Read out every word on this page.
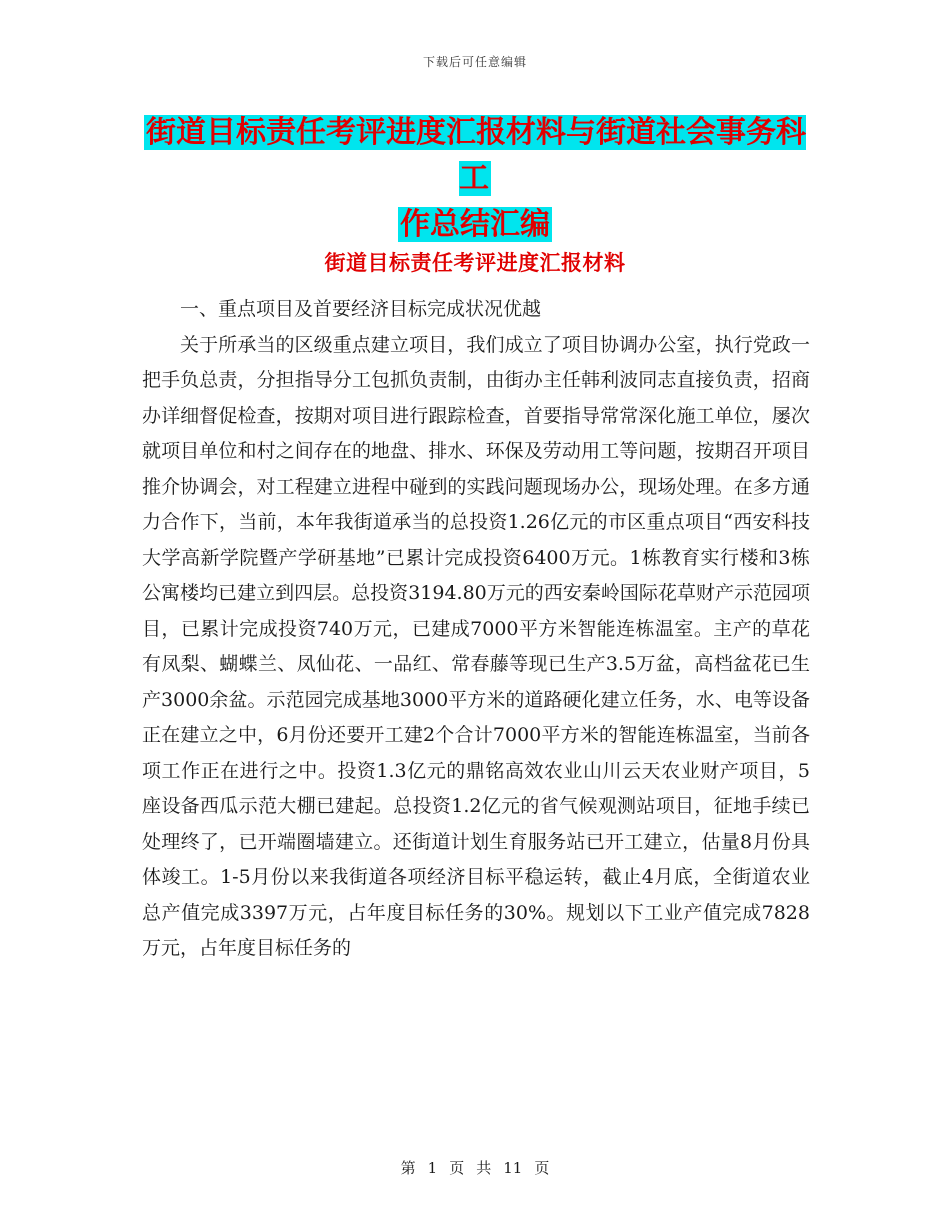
下载后可任意编辑
街道目标责任考评进度汇报材料与街道社会事务科工
作总结汇编
街道目标责任考评进度汇报材料

一、重点项目及首要经济目标完成状况优越

关于所承当的区级重点建立项目，我们成立了项目协调办公室，执行党政一把手负总责，分担指导分工包抓负责制，由街办主任韩利波同志直接负责，招商办详细督促检查，按期对项目进行跟踪检查，首要指导常常深化施工单位，屡次就项目单位和村之间存在的地盘、排水、环保及劳动用工等问题，按期召开项目推介协调会，对工程建立进程中碰到的实践问题现场办公，现场处理。在多方通力合作下，当前，本年我街道承当的总投资1.26亿元的市区重点项目“西安科技大学高新学院暨产学研基地”已累计完成投资6400万元。1栋教育实行楼和3栋公寓楼均已建立到四层。总投资3194.80万元的西安秦岭国际花草财产示范园项目，已累计完成投资740万元，已建成7000平方米智能连栋温室。主产的草花有凤梨、蝴蝶兰、凤仙花、一品红、常春藤等现已生产3.5万盆，高档盆花已生产3000余盆。示范园完成基地3000平方米的道路硬化建立任务，水、电等设备正在建立之中，6月份还要开工建2个合计7000平方米的智能连栋温室，当前各项工作正在进行之中。投资1.3亿元的鼎铭高效农业山川云天农业财产项目，5座设备西瓜示范大棚已建起。总投资1.2亿元的省气候观测站项目，征地手续已处理终了，已开端圈墙建立。还街道计划生育服务站已开工建立，估量8月份具体竣工。1-5月份以来我街道各项经济目标平稳运转，截止4月底，全街道农业总产值完成3397万元，占年度目标任务的30%。规划以下工业产值完成7828万元，占年度目标任务的

第 1 页 共 11 页
